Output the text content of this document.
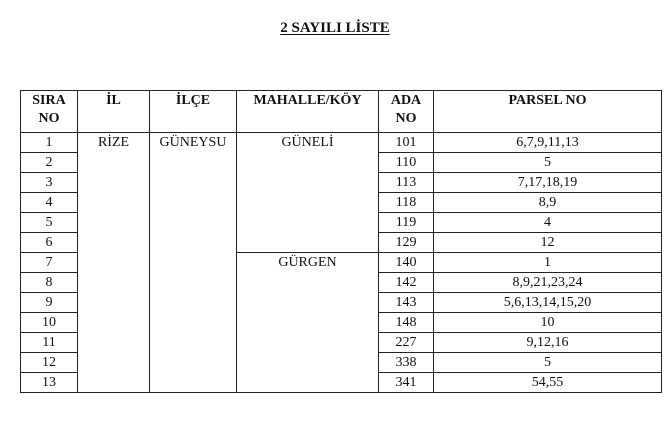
2 SAYILI LİSTE
SIRA NO	İL	İLÇE	MAHALLE/KÖY	ADA NO	PARSEL NO
1	RİZE	GÜNEYSU	GÜNELİ	101	6,7,9,11,13
2				110	5
3				113	7,17,18,19
4				118	8,9
5				119	4
6				129	12
7			GÜRGEN	140	1
8				142	8,9,21,23,24
9				143	5,6,13,14,15,20
10				148	10
11				227	9,12,16
12				338	5
13				341	54,55
